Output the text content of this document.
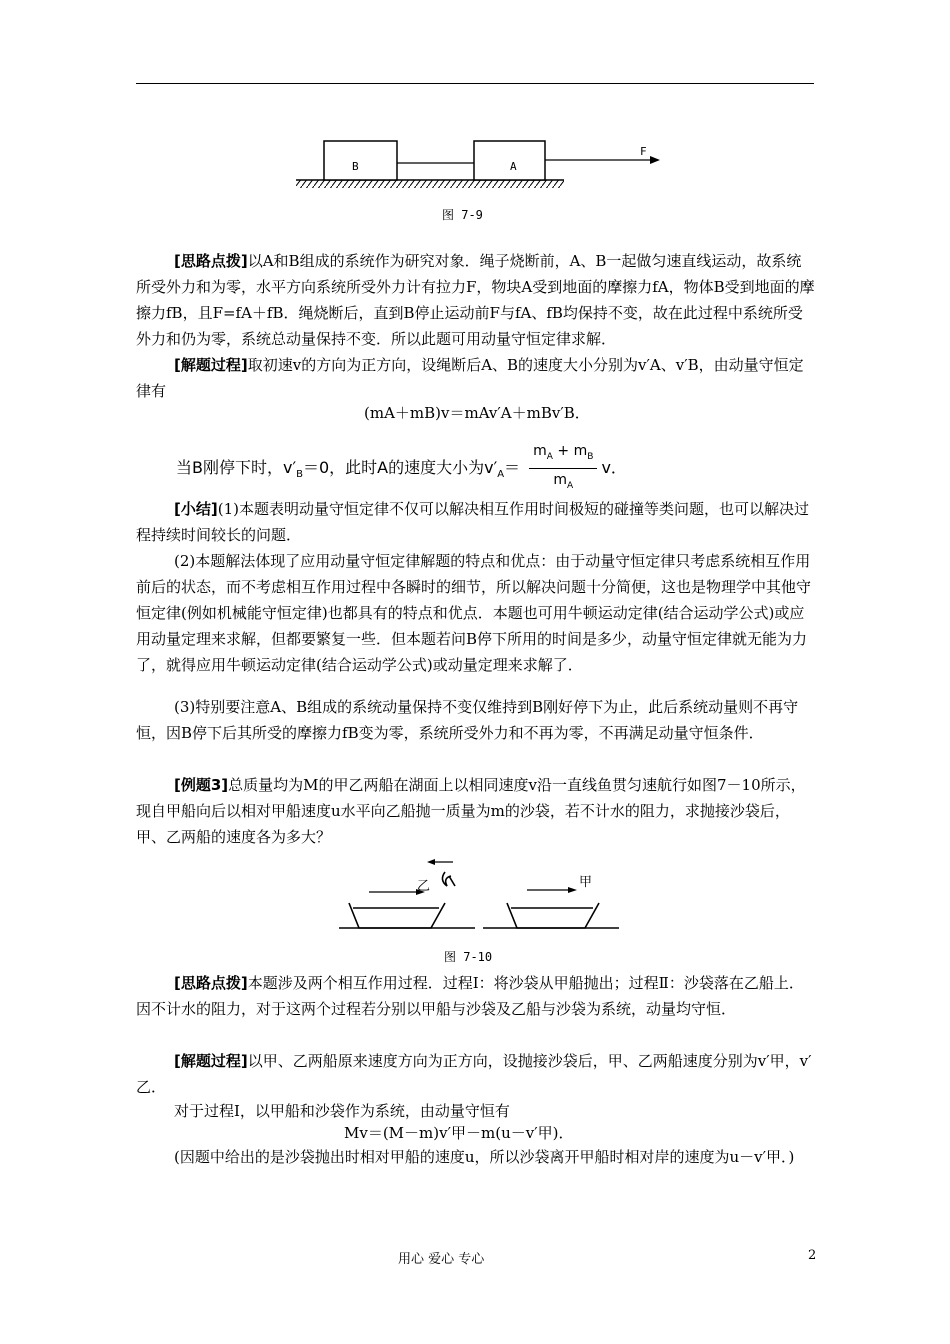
B	A
F
图 7-9

[思路点拨]以A和B组成的系统作为研究对象．绳子烧断前，A、B一起做匀速直线运动，故系统所受外力和为零，水平方向系统所受外力计有拉力F，物块A受到地面的摩擦力fA，物体B受到地面的摩擦力fB，且F=fA＋fB．绳烧断后，直到B停止运动前F与fA、fB均保持不变，故在此过程中系统所受外力和仍为零，系统总动量保持不变．所以此题可用动量守恒定律求解．

[解题过程]取初速v的方向为正方向，设绳断后A、B的速度大小分别为v′A、v′B，由动量守恒定律有

(mA＋mB)v＝mAv′A＋mBv′B．
当B刚停下时，$v'_B=0$，此时A的速度大小为$v'_A= \frac{m_A + m_B}{m_A}$ v．

[小结](1)本题表明动量守恒定律不仅可以解决相互作用时间极短的碰撞等类问题，也可以解决过程持续时间较长的问题．

(2)本题解法体现了应用动量守恒定律解题的特点和优点：由于动量守恒定律只考虑系统相互作用前后的状态，而不考虑相互作用过程中各瞬时的细节，所以解决问题十分简便，这也是物理学中其他守恒定律(例如机械能守恒定律)也都具有的特点和优点．本题也可用牛顿运动定律(结合运动学公式)或应用动量定理来求解，但都要繁复一些．但本题若问B停下所用的时间是多少，动量守恒定律就无能为力了，就得应用牛顿运动定律(结合运动学公式)或动量定理来求解了．

(3)特别要注意A、B组成的系统动量保持不变仅维持到B刚好停下为止，此后系统动量则不再守恒，因B停下后其所受的摩擦力fB变为零，系统所受外力和不再为零，不再满足动量守恒条件．

[例题3]总质量均为M的甲乙两船在湖面上以相同速度v沿一直线鱼贯匀速航行如图7－10所示，现自甲船向后以相对甲船速度u水平向乙船抛一质量为m的沙袋，若不计水的阻力，求抛接沙袋后，甲、乙两船的速度各为多大？

乙	甲
图 7-10

[思路点拨]本题涉及两个相互作用过程．过程Ⅰ：将沙袋从甲船抛出；过程Ⅱ：沙袋落在乙船上．因不计水的阻力，对于这两个过程若分别以甲船与沙袋及乙船与沙袋为系统，动量均守恒．

[解题过程]以甲、乙两船原来速度方向为正方向，设抛接沙袋后，甲、乙两船速度分别为v′甲，v′乙．

对于过程Ⅰ，以甲船和沙袋作为系统，由动量守恒有

Mv＝(M－m)v′甲－m(u－v′甲)．

(因题中给出的是沙袋抛出时相对甲船的速度u，所以沙袋离开甲船时相对岸的速度为u－v′甲．)

用心 爱心 专心	2
